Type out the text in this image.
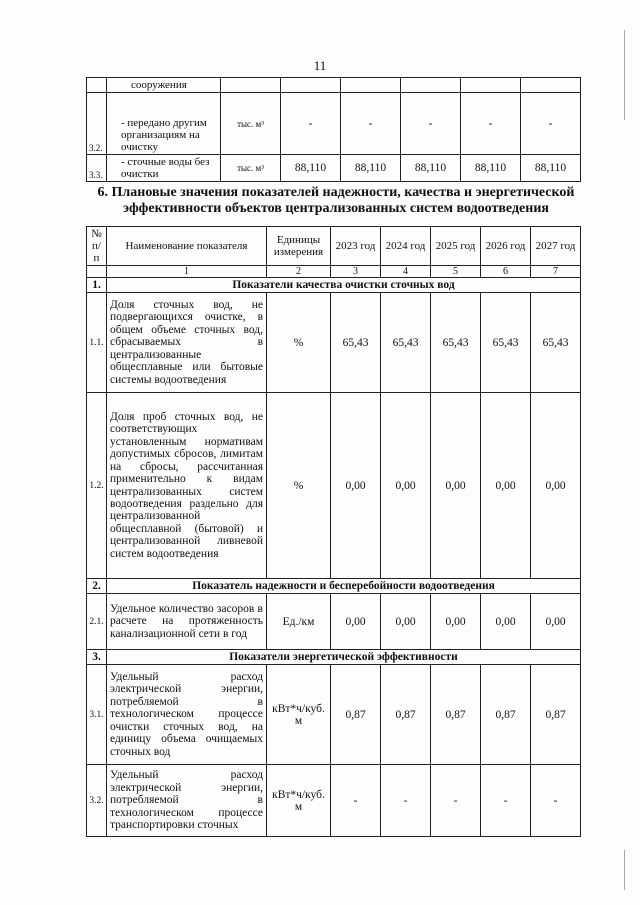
11
	сооружения						
3.2.	- передано другим организациям на очистку	тыс. м³	-	-	-	-	-
3.3.	- сточные воды без очистки	тыс. м³	88,110	88,110	88,110	88,110	88,110
6. Плановые значения показателей надежности, качества и энергетической эффективности объектов централизованных систем водоотведения
№ п/п	Наименование показателя	Единицы измерения	2023 год	2024 год	2025 год	2026 год	2027 год
	1	2	3	4	5	6	7
1.	Показатели качества очистки сточных вод						
1.1.	Доля сточных вод, не подвергающихся очистке, в общем объеме сточных вод, сбрасываемых в централизованные общесплавные или бытовые системы водоотведения	%	65,43	65,43	65,43	65,43	65,43
1.2.	Доля проб сточных вод, не соответствующих установленным нормативам допустимых сбросов, лимитам на сбросы, рассчитанная применительно к видам централизованных систем водоотведения раздельно для централизованной общесплавной (бытовой) и централизованной ливневой систем водоотведения	%	0,00	0,00	0,00	0,00	0,00
2.	Показатель надежности и бесперебойности водоотведения						
2.1.	Удельное количество засоров в расчете на протяженность канализационной сети в год	Ед./км	0,00	0,00	0,00	0,00	0,00
3.	Показатели энергетической эффективности						
3.1.	Удельный расход электрической энергии, потребляемой в технологическом процессе очистки сточных вод, на единицу объема очищаемых сточных вод	кВт*ч/куб. м	0,87	0,87	0,87	0,87	0,87
3.2.	Удельный расход электрической энергии, потребляемой в технологическом процессе транспортировки сточных	кВт*ч/куб. м	-	-	-	-	-
